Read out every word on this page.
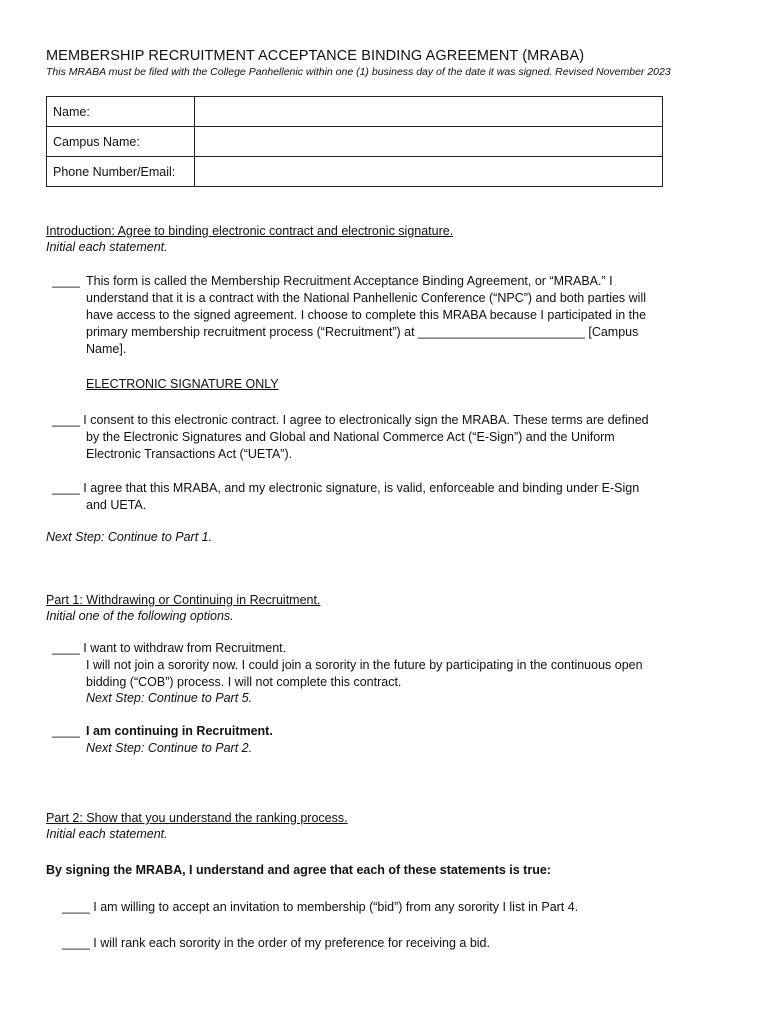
MEMBERSHIP RECRUITMENT ACCEPTANCE BINDING AGREEMENT (MRABA)
This MRABA must be filed with the College Panhellenic within one (1) business day of the date it was signed. Revised November 2023
Name:	
Campus Name:	
Phone Number/Email:	
Introduction: Agree to binding electronic contract and electronic signature.
Initial each statement.
____ This form is called the Membership Recruitment Acceptance Binding Agreement, or “MRABA.” I
understand that it is a contract with the National Panhellenic Conference (“NPC”) and both parties will
have access to the signed agreement. I choose to complete this MRABA because I participated in the
primary membership recruitment process (“Recruitment”) at ________________________ [Campus
Name].
ELECTRONIC SIGNATURE ONLY
____ I consent to this electronic contract. I agree to electronically sign the MRABA. These terms are defined
by the Electronic Signatures and Global and National Commerce Act (“E-Sign”) and the Uniform
Electronic Transactions Act (“UETA”).
____ I agree that this MRABA, and my electronic signature, is valid, enforceable and binding under E-Sign
and UETA.
Next Step: Continue to Part 1.
Part 1: Withdrawing or Continuing in Recruitment.
Initial one of the following options.
____ I want to withdraw from Recruitment.
I will not join a sorority now. I could join a sorority in the future by participating in the continuous open
bidding (“COB”) process. I will not complete this contract.
Next Step: Continue to Part 5.
____ I am continuing in Recruitment.
Next Step: Continue to Part 2.
Part 2: Show that you understand the ranking process.
Initial each statement.
By signing the MRABA, I understand and agree that each of these statements is true:
____ I am willing to accept an invitation to membership (“bid”) from any sorority I list in Part 4.
____ I will rank each sorority in the order of my preference for receiving a bid.
